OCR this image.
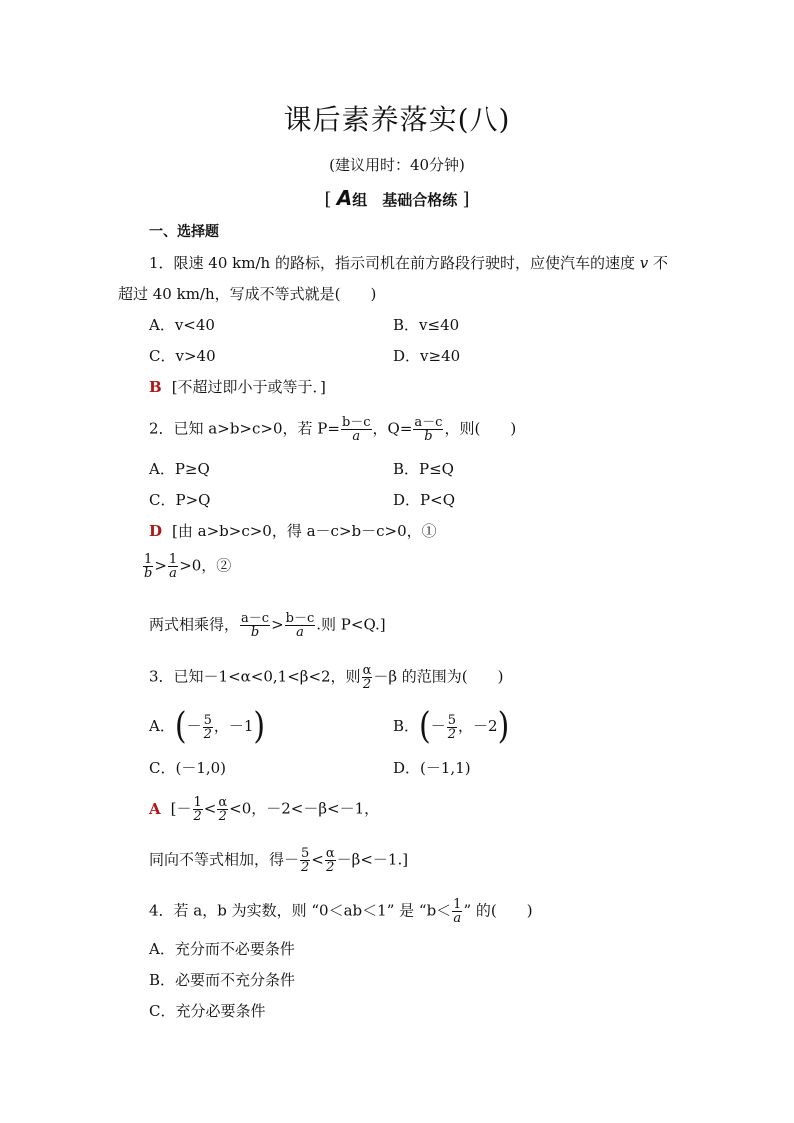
课后素养落实(八)
(建议用时：40分钟)
[ A组　基础合格练 ]
一、选择题
1．限速 40 km/h 的路标，指示司机在前方路段行驶时，应使汽车的速度 v 不
超过 40 km/h，写成不等式就是(　　)
A．v<40	B．v≤40
C．v>40	D．v≥40
B [不超过即小于或等于．]
2．已知 a>b>c>0，若 $P= \frac{b-c}{a}$ ，$Q= \frac{a-c}{b}$ ，则(　　)
A．P≥Q	B．P≤Q
C．P>Q	D．P<Q
D [由 a>b>c>0，得 a－c>b－c>0，①
$\frac{1}{b} > \frac{1}{a} >0$，②
两式相乘得， $\frac{a-c}{b} > \frac{b-c}{a}$ .则 P<Q.]
3．已知－1<α<0,1<β<2，则 $\frac{\alpha}{2} -\beta$ 的范围为(　　)
A．(－ $\frac{5}{2}$ ，－1)	B．(－ $\frac{5}{2}$ ，－2)
C．(－1,0)	D．(－1,1)
A [－ $\frac{1}{2} < \frac{\alpha}{2} <0$，－2<－β<－1，
同向不等式相加，得－ $\frac{5}{2} < \frac{\alpha}{2} -\beta<-1$.]
4．若 a，b 为实数，则 “0＜ab＜1” 是 “$b< \frac{1}{a}$ ” 的(　　)
A．充分而不必要条件
B．必要而不充分条件
C．充分必要条件
